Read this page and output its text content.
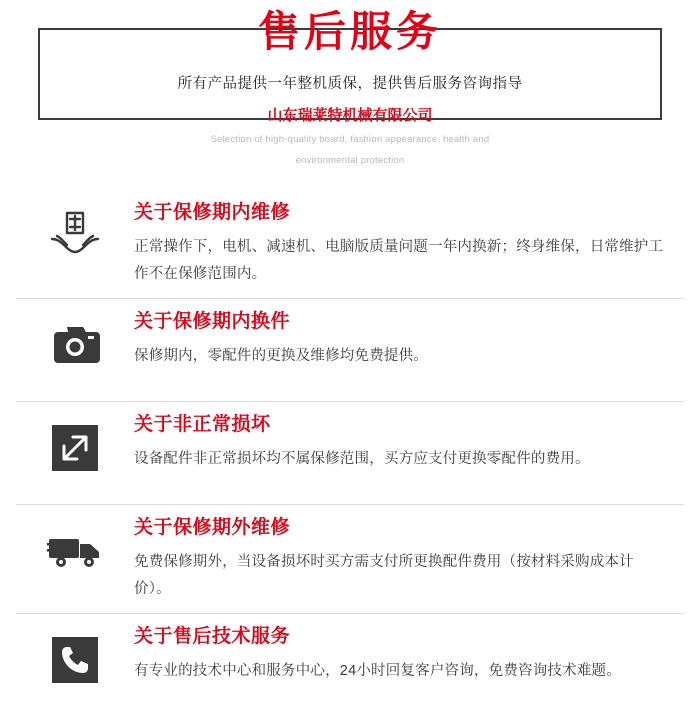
售后服务
所有产品提供一年整机质保，提供售后服务咨询指导
山东瑞莱特机械有限公司
Selection of high-quality board, fashion appearance, health and
environmental protection
关于保修期内维修
正常操作下，电机、减速机、电脑版质量问题一年内换新；终身维保，日常维护工作不在保修范围内。
关于保修期内换件
保修期内，零配件的更换及维修均免费提供。
关于非正常损坏
设备配件非正常损坏均不属保修范围，买方应支付更换零配件的费用。
关于保修期外维修
免费保修期外，当设备损坏时买方需支付所更换配件费用（按材料采购成本计价）。
关于售后技术服务
有专业的技术中心和服务中心，24小时回复客户咨询，免费咨询技术难题。
